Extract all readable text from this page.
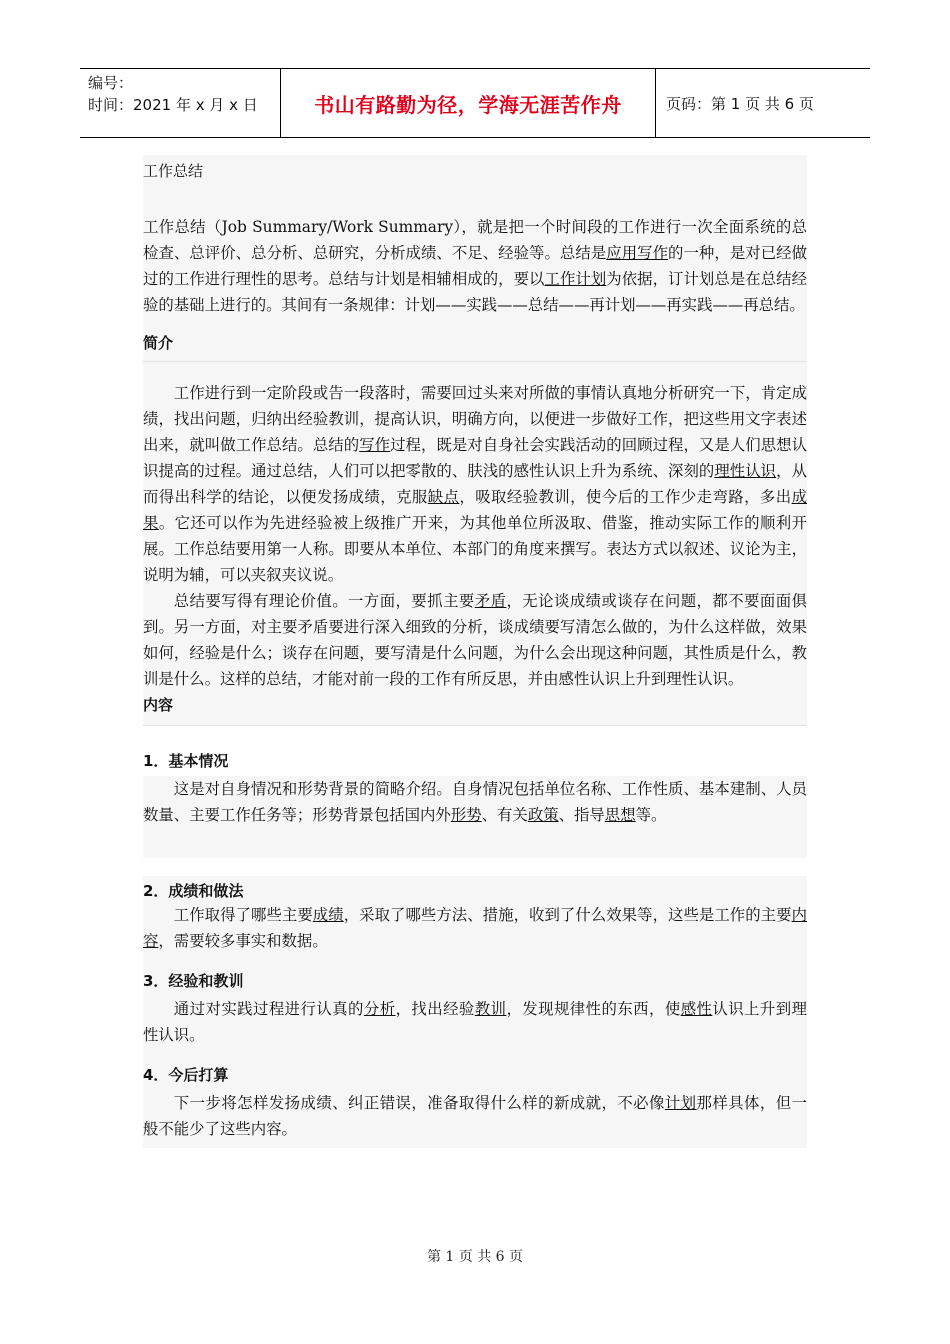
编号：
时间：2021 年 x 月 x 日	书山有路勤为径，学海无涯苦作舟	页码：第 1 页 共 6 页
工作总结

工作总结（Job Summary/Work Summary），就是把一个时间段的工作进行一次全面系统的总检查、总评价、总分析、总研究，分析成绩、不足、经验等。总结是应用写作的一种，是对已经做过的工作进行理性的思考。总结与计划是相辅相成的，要以工作计划为依据，订计划总是在总结经验的基础上进行的。其间有一条规律：计划——实践——总结——再计划——再实践——再总结。

简介

工作进行到一定阶段或告一段落时，需要回过头来对所做的事情认真地分析研究一下，肯定成绩，找出问题，归纳出经验教训，提高认识，明确方向，以便进一步做好工作，把这些用文字表述出来，就叫做工作总结。总结的写作过程，既是对自身社会实践活动的回顾过程，又是人们思想认识提高的过程。通过总结，人们可以把零散的、肤浅的感性认识上升为系统、深刻的理性认识，从而得出科学的结论，以便发扬成绩，克服缺点，吸取经验教训，使今后的工作少走弯路，多出成果。它还可以作为先进经验被上级推广开来，为其他单位所汲取、借鉴，推动实际工作的顺利开展。工作总结要用第一人称。即要从本单位、本部门的角度来撰写。表达方式以叙述、议论为主，说明为辅，可以夹叙夹议说。

总结要写得有理论价值。一方面，要抓主要矛盾，无论谈成绩或谈存在问题，都不要面面俱到。另一方面，对主要矛盾要进行深入细致的分析，谈成绩要写清怎么做的，为什么这样做，效果如何，经验是什么；谈存在问题，要写清是什么问题，为什么会出现这种问题，其性质是什么，教训是什么。这样的总结，才能对前一段的工作有所反思，并由感性认识上升到理性认识。

内容
1．基本情况

这是对自身情况和形势背景的简略介绍。自身情况包括单位名称、工作性质、基本建制、人员数量、主要工作任务等；形势背景包括国内外形势、有关政策、指导思想等。

2．成绩和做法

工作取得了哪些主要成绩，采取了哪些方法、措施，收到了什么效果等，这些是工作的主要内容，需要较多事实和数据。

3．经验和教训

通过对实践过程进行认真的分析，找出经验教训，发现规律性的东西，使感性认识上升到理 性认识。

4．今后打算

下一步将怎样发扬成绩、纠正错误，准备取得什么样的新成就，不必像计划那样具体，但一 般不能少了这些内容。

第 1 页 共 6 页
